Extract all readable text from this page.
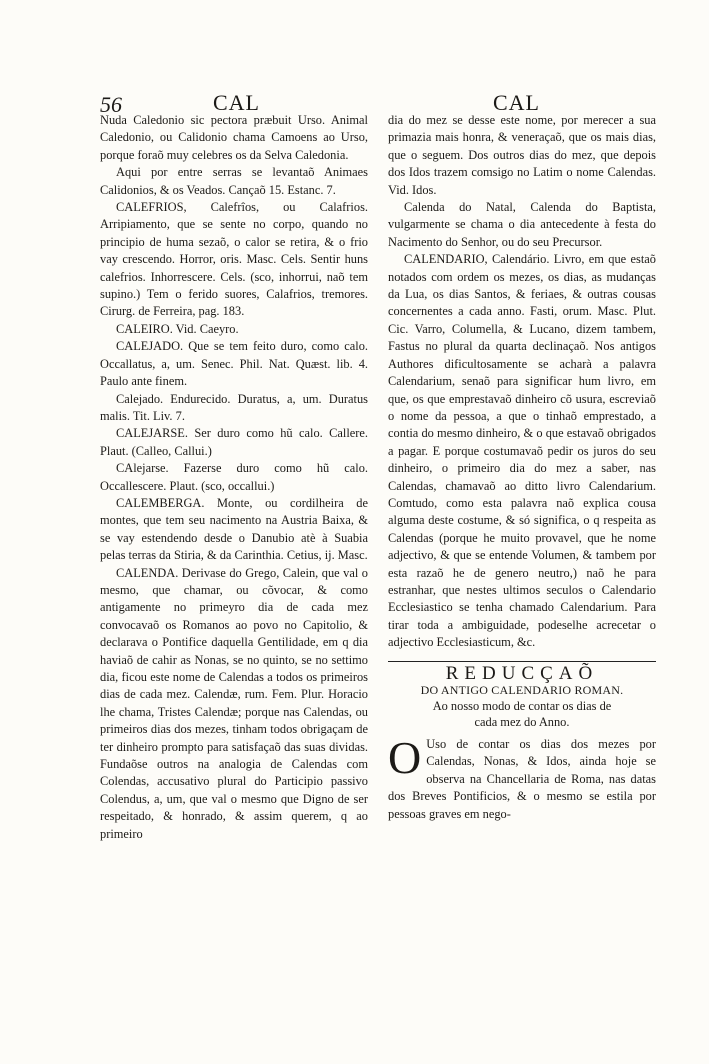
56	CAL	CAL

Nuda Caledonio sic pectora præbuit Urso. Animal Caledonio, ou Calidonio chama Camoens ao Urso, porque foraõ muy celebres os da Selva Caledonia.

Aqui por entre serras se levantaõ Animaes Calidonios, & os Veados. Cançaõ 15. Estanc. 7.

CALEFRIOS, Calefrîos, ou Calafrios. Arripiamento, que se sente no corpo, quando no principio de huma sezaõ, o calor se retira, & o frio vay crescendo. Horror, oris. Masc. Cels. Sentir huns calefrios. Inhorrescere. Cels. (sco, inhorrui, naõ tem supino.) Tem o ferido suores, Calafrios, tremores. Cirurg. de Ferreira, pag. 183.

CALEIRO. Vid. Caeyro.

CALEJADO. Que se tem feito duro, como calo. Occallatus, a, um. Senec. Phil. Nat. Quæst. lib. 4. Paulo ante finem.

Calejado. Endurecido. Duratus, a, um. Duratus malis. Tit. Liv. 7.

CALEJARSE. Ser duro como hũ calo. Callere. Plaut. (Calleo, Callui.)

CAlejarse. Fazerse duro como hũ calo. Occallescere. Plaut. (sco, occallui.)

CALEMBERGA. Monte, ou cordilheira de montes, que tem seu nacimento na Austria Baixa, & se vay estendendo desde o Danubio atè à Suabia pelas terras da Stiria, & da Carinthia. Cetius, ij. Masc.

CALENDA. Derivase do Grego, Calein, que val o mesmo, que chamar, ou cõvocar, & como antigamente no primeyro dia de cada mez convocavaõ os Romanos ao povo no Capitolio, & declarava o Pontifice daquella Gentilidade, em q dia haviaõ de cahir as Nonas, se no quinto, se no settimo dia, ficou este nome de Calendas a todos os primeiros dias de cada mez. Calendæ, rum. Fem. Plur. Horacio lhe chama, Tristes Calendæ; porque nas Calendas, ou primeiros dias dos mezes, tinham todos obrigaçam de ter dinheiro prompto para satisfaçaõ das suas dividas. Fundaõse outros na analogia de Calendas com Colendas, accusativo plural do Participio passivo Colendus, a, um, que val o mesmo que Digno de ser respeitado, & honrado, & assim querem, q ao primeiro

dia do mez se desse este nome, por merecer a sua primazia mais honra, & veneraçaõ, que os mais dias, que o seguem. Dos outros dias do mez, que depois dos Idos trazem comsigo no Latim o nome Calendas. Vid. Idos.

Calenda do Natal, Calenda do Baptista, vulgarmente se chama o dia antecedente à festa do Nacimento do Senhor, ou do seu Precursor.

CALENDARIO, Calendário. Livro, em que estaõ notados com ordem os mezes, os dias, as mudanças da Lua, os dias Santos, & feriaes, & outras cousas concernentes a cada anno. Fasti, orum. Masc. Plut. Cic. Varro, Columella, & Lucano, dizem tambem, Fastus no plural da quarta declinaçaõ. Nos antigos Authores dificultosamente se acharà a palavra Calendarium, senaõ para significar hum livro, em que, os que emprestavaõ dinheiro cõ usura, escreviaõ o nome da pessoa, a que o tinhaõ emprestado, a contia do mesmo dinheiro, & o que estavaõ obrigados a pagar. E porque costumavaõ pedir os juros do seu dinheiro, o primeiro dia do mez a saber, nas Calendas, chamavaõ ao ditto livro Calendarium. Comtudo, como esta palavra naõ explica cousa alguma deste costume, & só significa, o q respeita as Calendas (porque he muito provavel, que he nome adjectivo, & que se entende Volumen, & tambem por esta razaõ he de genero neutro,) naõ he para estranhar, que nestes ultimos seculos o Calendario Ecclesiastico se tenha chamado Calendarium. Para tirar toda a ambiguidade, podeselhe acrecetar o adjectivo Ecclesiasticum, &c.

REDUCÇAÕ
DO ANTIGO CALENDARIO ROMAN.
Ao nosso modo de contar os dias de
cada mez do Anno.

O Uso de contar os dias dos mezes por Calendas, Nonas, & Idos, ainda hoje se observa na Chancellaria de Roma, nas datas dos Breves Pontificios, & o mesmo se estila por pessoas graves em nego-
